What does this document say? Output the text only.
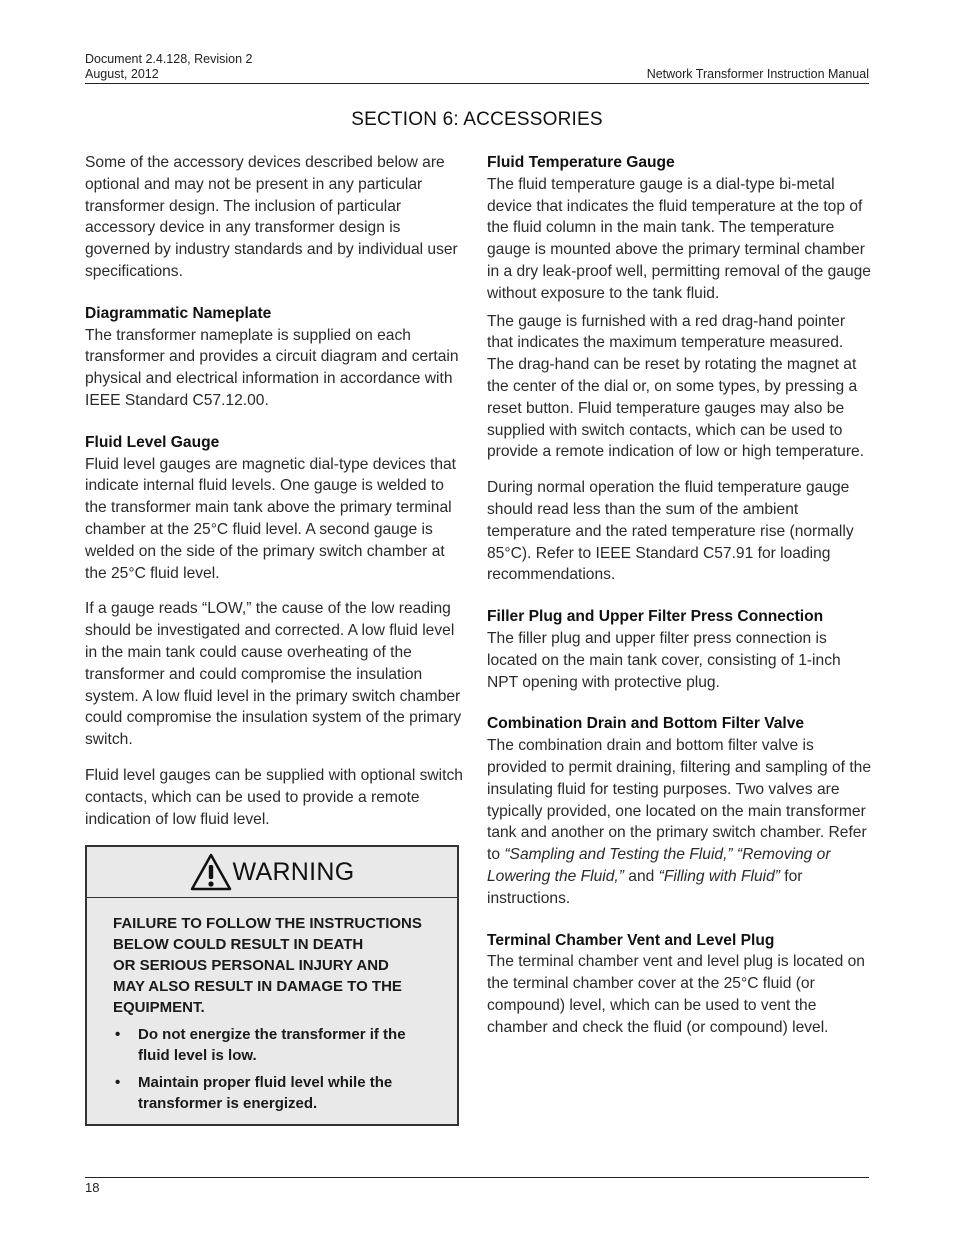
Document 2.4.128, Revision 2
August, 2012	Network Transformer Instruction Manual
SECTION 6: ACCESSORIES

Some of the accessory devices described below are optional and may not be present in any particular transformer design. The inclusion of particular accessory device in any transformer design is governed by industry standards and by individual user specifications.

Diagrammatic Nameplate

The transformer nameplate is supplied on each transformer and provides a circuit diagram and certain physical and electrical information in accordance with IEEE Standard C57.12.00.

Fluid Level Gauge

Fluid level gauges are magnetic dial-type devices that indicate internal fluid levels. One gauge is welded to the transformer main tank above the primary terminal chamber at the 25°C fluid level. A second gauge is welded on the side of the primary switch chamber at the 25°C fluid level.

If a gauge reads “LOW,” the cause of the low reading should be investigated and corrected. A low fluid level in the main tank could cause overheating of the transformer and could compromise the insulation system. A low fluid level in the primary switch chamber could compromise the insulation system of the primary switch.

Fluid level gauges can be supplied with optional switch contacts, which can be used to provide a remote indication of low fluid level.

WARNING

FAILURE TO FOLLOW THE INSTRUCTIONS
BELOW COULD RESULT IN DEATH
OR SERIOUS PERSONAL INJURY AND
MAY ALSO RESULT IN DAMAGE TO THE
EQUIPMENT.

• Do not energize the transformer if the fluid level is low.
• Maintain proper fluid level while the transformer is energized.
Fluid Temperature Gauge

The fluid temperature gauge is a dial-type bi-metal device that indicates the fluid temperature at the top of the fluid column in the main tank. The temperature gauge is mounted above the primary terminal chamber in a dry leak-proof well, permitting removal of the gauge without exposure to the tank fluid.

The gauge is furnished with a red drag-hand pointer that indicates the maximum temperature measured. The drag-hand can be reset by rotating the magnet at the center of the dial or, on some types, by pressing a reset button. Fluid temperature gauges may also be supplied with switch contacts, which can be used to provide a remote indication of low or high temperature.

During normal operation the fluid temperature gauge should read less than the sum of the ambient temperature and the rated temperature rise (normally 85°C). Refer to IEEE Standard C57.91 for loading recommendations.

Filler Plug and Upper Filter Press Connection

The filler plug and upper filter press connection is located on the main tank cover, consisting of 1-inch NPT opening with protective plug.

Combination Drain and Bottom Filter Valve

The combination drain and bottom filter valve is provided to permit draining, filtering and sampling of the insulating fluid for testing purposes. Two valves are typically provided, one located on the main transformer tank and another on the primary switch chamber. Refer to “Sampling and Testing the Fluid,” “Removing or Lowering the Fluid,” and “Filling with Fluid” for instructions.

Terminal Chamber Vent and Level Plug

The terminal chamber vent and level plug is located on the terminal chamber cover at the 25°C fluid (or compound) level, which can be used to vent the chamber and check the fluid (or compound) level.

18
